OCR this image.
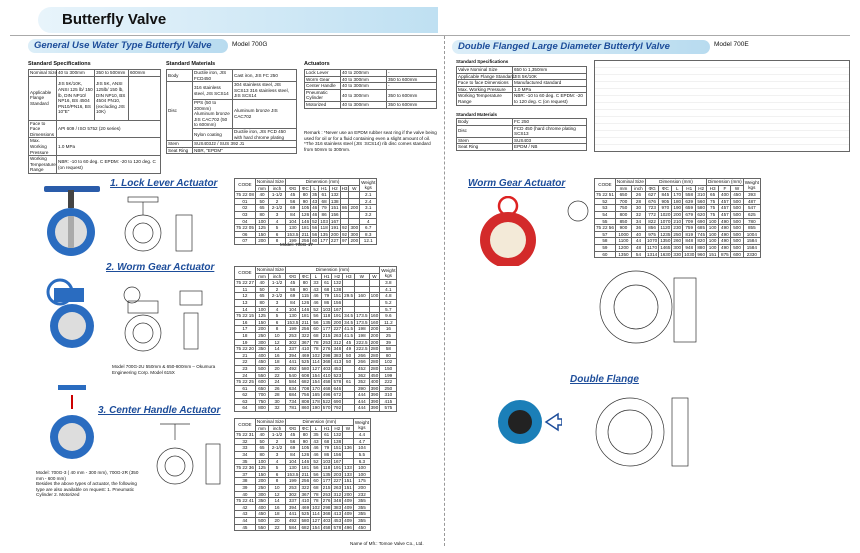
Butterfly Valve
General Use Water Type Butterfyl Valve	Model 700G	Double Flanged Large Diameter Butterfyl Valve	Model 700E
Standard Specifications
Nominal Size	40 to 300mm	350 to 500mm	600mm
Applicable Flange Standard	JIS 5K/10K, ANSI 125 lb/ 150 lb, DIN NP10/ NP16, BS 4504 PN10/PN16, BS 10"E"	JIS 5K, ANSI 125lb/ 150 lb, DIN NP10, BS 4504 PN10, (excluding JIS 10K)	
Face to Face Dimensions	API 609 / ISO 5752 (20 series)		
Max. Working Pressure	1.0 MPa		
Working Temperature Range	NBR: -10 to 60 deg. C EPDM: -20 to 120 deg. C (on request)		
Standard Materials
Body	Ductile iron, JIS FCD450	Cast iron, JIS FC 250
Disc	316 stainless steel, JIS SCS14	304 stainless steel, JIS SCS13 316 stainless steel, JIS SCS14
	PPS (50 to 200mm) Aluminum bronze JIS CAC702 (50 to 600mm)	Aluminum bronze JIS CAC702
	Nylon coating	Ductile iron, JIS FCD 450 with hard chrome plating
Stem	SUS403J2 / SUS 392 J1	
Seat Ring	NBR, "EPDM"	
Actuators
Lock Lever	40 to 200mm	-
Worm Gear	40 to 300mm	350 to 600mm
Center Handle	40 to 300mm	-
Pneumatic Cylinder	40 to 300mm	350 to 600mm
Motorized	40 to 300mm	350 to 600mm
Remark : *Never use an EPDM rubber seat ring if the valve being used for oil or for a fluid containing even a slight amount of oil. *The 316 stainless steel (JIS :SCS14) rib disc comes standard from 50mm to 300mm.
1. Lock Lever Actuator
2. Worm Gear Actuator
3. Center Handle Actuator
CODE	Nominal Size		Dimension (mm)							Weight kgs
	mm	inch	ΦG	ΦC	L	H1	H2	H3	W	
75 22 08	40	1-1/2	45	80	35	61	132			2.1
01	50	2	56	90	43	68	138			2.4
02	65	2-1/2	69	105	46	79	151	86	200	3.1
03	80	3	84	126	46	86	156			3.2
04	100	4	104	146	52	103	167			4
75 22 05	125	5	130	181	56	118	191	92	300	6.7
06	150	6	153.5	211	56	135	200	92	300	8.3
07	200	8	199	256	60	177	227	97	200	12.1
Model: 700G-17
CODE	Nominal Size		Dimension (mm)								Weight kgs
	mm	inch	ΦG	ΦC	L	H1	H2	H3	W	W	
75 22 27	40	1-1/2	45	80	33	61	132				3.8
11	50	2	56	90	43	68	138				4.1
12	65	2-1/2	69	115	46	79	151	29.5	160	100	4.8
13	80	3	84	126	46	86	156				5.2
14	100	4	104	146	52	103	167				5.7
75 22 15	125	5	130	181	56	118	191	34.5	173.5	160	9.6
16	150	6	153.5	211	56	135	200	34.5	173.5	160	11.2
17	200	8	199	256	60	177	227	41.5	198	200	16
18	250	10	253	322	68	215	263	41.5	198	200	25
19	300	12	302	367	78	253	312	45	222.5	200	39
75 22 20	350	14	337	410	78	276	348	49	222.5	280	58
21	400	16	394	469	102	298	383	50	266	280	80
22	450	18	441	525	114	368	413	50	266	280	102
23	500	20	492	580	127	403	453		452	280	150
24	550	22	540	608	154	410	523		362	450	199
75 22 25	600	24	584	682	154	458	578	61	352	400	222
61	650	26	634	708	170	468	646		390	390	250
62	700	28	684	756	165	496	672		444	390	310
63	750	30	734	808	178	522	690		444	390	415
64	800	32	781	860	190	570	792		444	390	575
Model 700G-2U 550mm & 650-800mm – Okumura Engineering Corp. Model 615X
CODE	Nominal Size		Dimension (mm)						Weight kgs
	mm	inch	ΦG	ΦC	L	H1	H2	W	
75 22 31	40	1-1/2	45	80	35	61	132		4.4
32	50	2	56	90	43	68	138		4.7
33	65	2-1/2	69	105	46	79	151	136	104
34	80	3	84	126	46	86	156		5.5
35	100	4	104	146	52	103	167		6.3
75 22 36	125	5	130	181	56	118	191	133	100
37	150	6	153.5	211	56	135	203	133	100
38	200	8	199	256	60	177	227	151	175
39	250	10	253	322	68	215	263	151	200
40	300	12	302	367	78	253	312	200	232
75 22 41	350	14	337	410	78	276	348	409	355
42	400	16	394	469	102	298	383	409	355
43	450	18	441	525	114	368	413	409	355
44	500	20	492	580	127	403	453	409	355
45	550	22	584	682	154	458	578	496	450
Model: 700G-3 ( 40 mm - 300 mm), 700G-2R (350 mm - 600 mm)
Besides the above types of actuator, the following type are also available on request: 1. Pneumatic Cylinder 2. Motorized
Name of Mfr.: Tomoe Valve Co., Ltd.
Standard Specifications
Valve Nominal Size	650 to 1,350mm
Applicable Flange Standard	JIS 5K/10K
Face to face Dimensions	Manufactured standard
Max. Working Pressure	1.0 MPa
Working Temperature Range	NBR: -10 to 60 deg. C EPDM: -20 to 120 deg. C (on request)
Standard Materials
Body	FC 250
Disc	FCD 450 (hard chrome plating SCS13
Stem	SUS403
Seat Ring	EPDM / NB
Worm Gear Actuator	CODE	Nominal Size		Dimension (mm)					Dimension (mm)			Weight kgs
	mm	inch	ΦG	ΦC	L	H1	H2	H3	F	W	
75 22 51	650	26	627	845	170	558	310	65	400	450	393
52	700	28	676	905	180	639	560	75	457	500	487
53	750	30	723	970	190	659	580	75	457	500	547
54	800	32	772	1020	200	679	620	75	457	500	625
55	850	34	822	1070	210	709	690	100	490	500	780
75 22 56	900	36	856	1120	230	759	685	100	490	500	855
57	1000	40	975	1235	250	819	745	100	490	500	1004
58	1100	44	1070	1350	260	848	820	100	490	500	1584
59	1200	48	1170	1465	300	948	880	100	490	500	1584
60	1350	54	1314	1630	330	1030	960	151	875	600	2330
Double Flange
